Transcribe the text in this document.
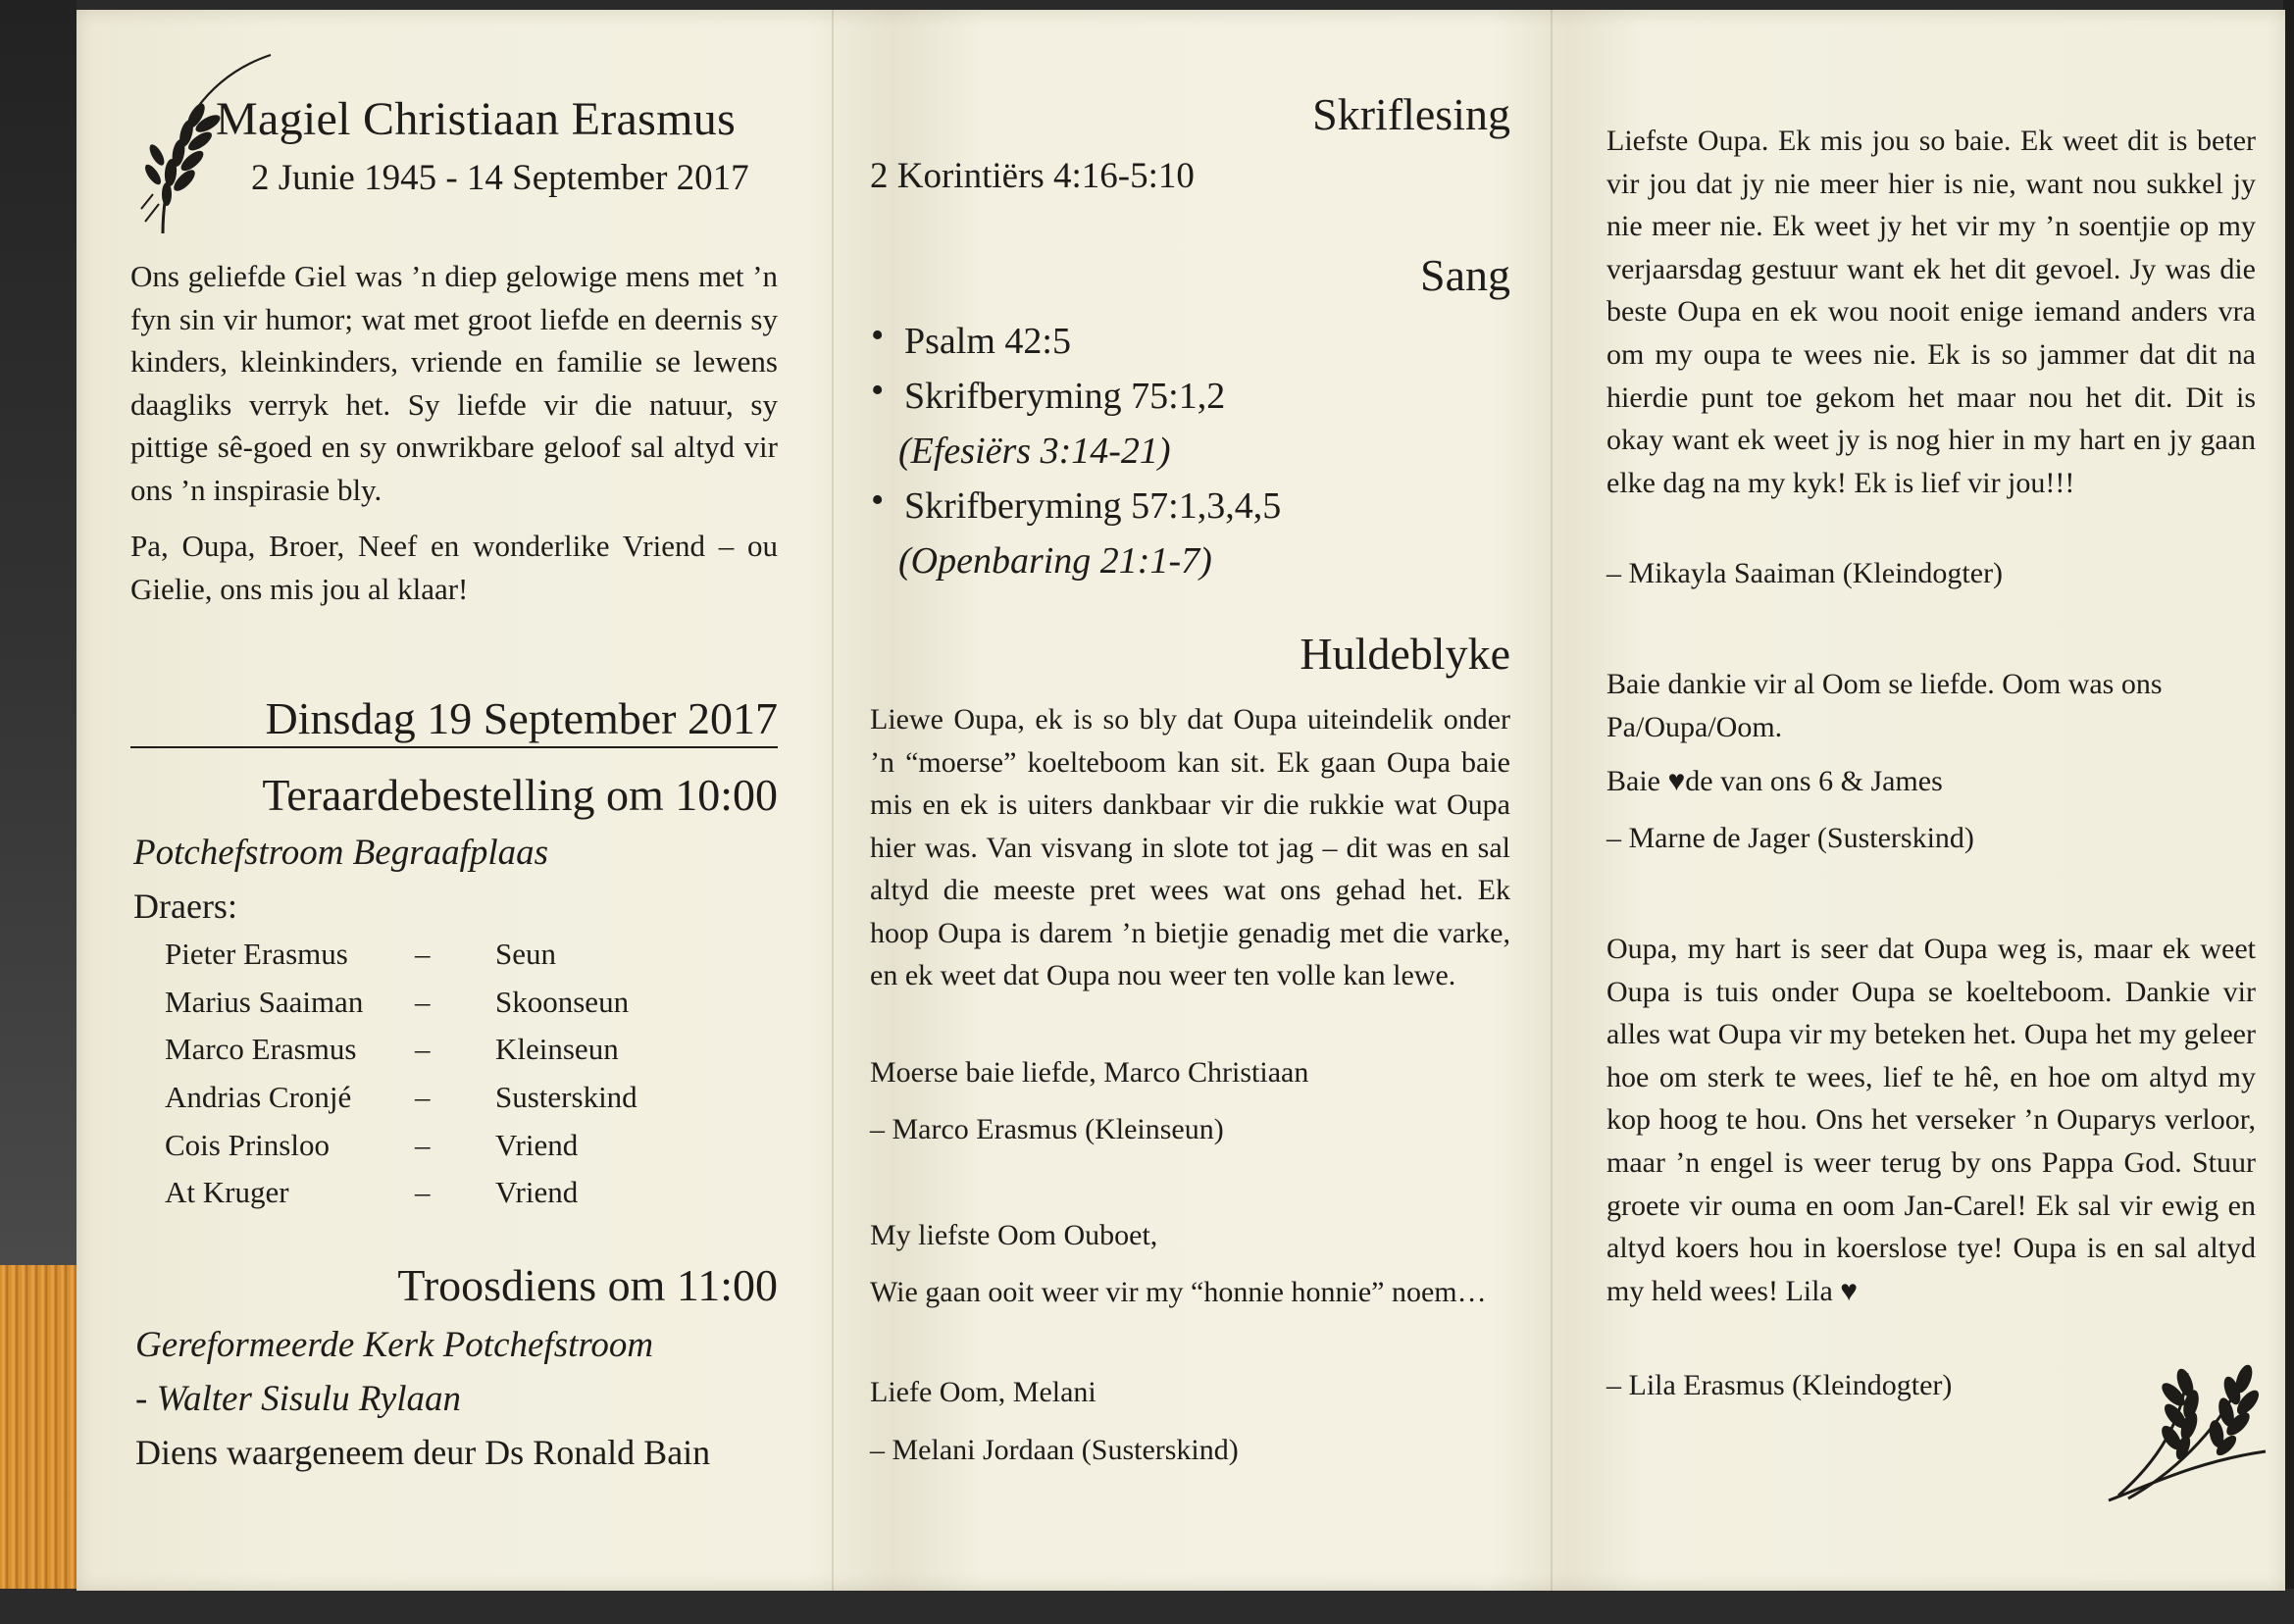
Magiel Christiaan Erasmus
2 Junie 1945 - 14 September 2017

Ons geliefde Giel was ’n diep gelowige mens met ’n fyn sin vir humor; wat met groot liefde en deernis sy kinders, kleinkinders, vriende en familie se lewens daagliks verryk het. Sy liefde vir die natuur, sy pittige sê-goed en sy onwrikbare geloof sal altyd vir ons ’n inspirasie bly.

Pa, Oupa, Broer, Neef en wonderlike Vriend – ou Gielie, ons mis jou al klaar!

Dinsdag 19 September 2017
Teraardebestelling om 10:00
Potchefstroom Begraafplaas
Draers:
Pieter Erasmus	–	Seun
Marius Saaiman	–	Skoonseun
Marco Erasmus	–	Kleinseun
Andrias Cronjé	–	Susterskind
Cois Prinsloo	–	Vriend
At Kruger	–	Vriend
Troosdiens om 11:00
Gereformeerde Kerk Potchefstroom
- Walter Sisulu Rylaan
Diens waargeneem deur Ds Ronald Bain
Skriflesing
2 Korintiërs 4:16-5:10
Sang
• Psalm 42:5
• Skrifberyming 75:1,2
(Efesiërs 3:14-21)
• Skrifberyming 57:1,3,4,5
(Openbaring 21:1-7)
Huldeblyke

Liewe Oupa, ek is so bly dat Oupa uiteindelik onder ’n “moerse” koelteboom kan sit. Ek gaan Oupa baie mis en ek is uiters dankbaar vir die rukkie wat Oupa hier was. Van visvang in slote tot jag – dit was en sal altyd die meeste pret wees wat ons gehad het. Ek hoop Oupa is darem ’n bietjie genadig met die varke, en ek weet dat Oupa nou weer ten volle kan lewe.

Moerse baie liefde, Marco Christiaan
– Marco Erasmus (Kleinseun)
My liefste Oom Ouboet,

Wie gaan ooit weer vir my “honnie honnie” noem…

Liefe Oom, Melani
– Melani Jordaan (Susterskind)

Liefste Oupa. Ek mis jou so baie. Ek weet dit is beter vir jou dat jy nie meer hier is nie, want nou sukkel jy nie meer nie. Ek weet jy het vir my ’n soentjie op my verjaarsdag gestuur want ek het dit gevoel. Jy was die beste Oupa en ek wou nooit enige iemand anders vra om my oupa te wees nie. Ek is so jammer dat dit na hierdie punt toe gekom het maar nou het dit. Dit is okay want ek weet jy is nog hier in my hart en jy gaan elke dag na my kyk! Ek is lief vir jou!!!

– Mikayla Saaiman (Kleindogter)

Baie dankie vir al Oom se liefde. Oom was ons Pa/Oupa/Oom.

Baie ♥de van ons 6 & James
– Marne de Jager (Susterskind)
Oupa, my hart is seer dat Oupa weg is, maar ek weet Oupa is tuis onder Oupa se koelteboom. Dankie vir alles wat Oupa vir my beteken het. Oupa het my geleer hoe om sterk te wees, lief te hê, en hoe om altyd my kop hoog te hou. Ons het verseker ’n Ouparys verloor, maar ’n engel is weer terug by ons Pappa God. Stuur groete vir ouma en oom Jan-Carel! Ek sal vir ewig en altyd koers hou in koerslose tye! Oupa is en sal altyd my held wees! Lila ♥
– Lila Erasmus (Kleindogter)
